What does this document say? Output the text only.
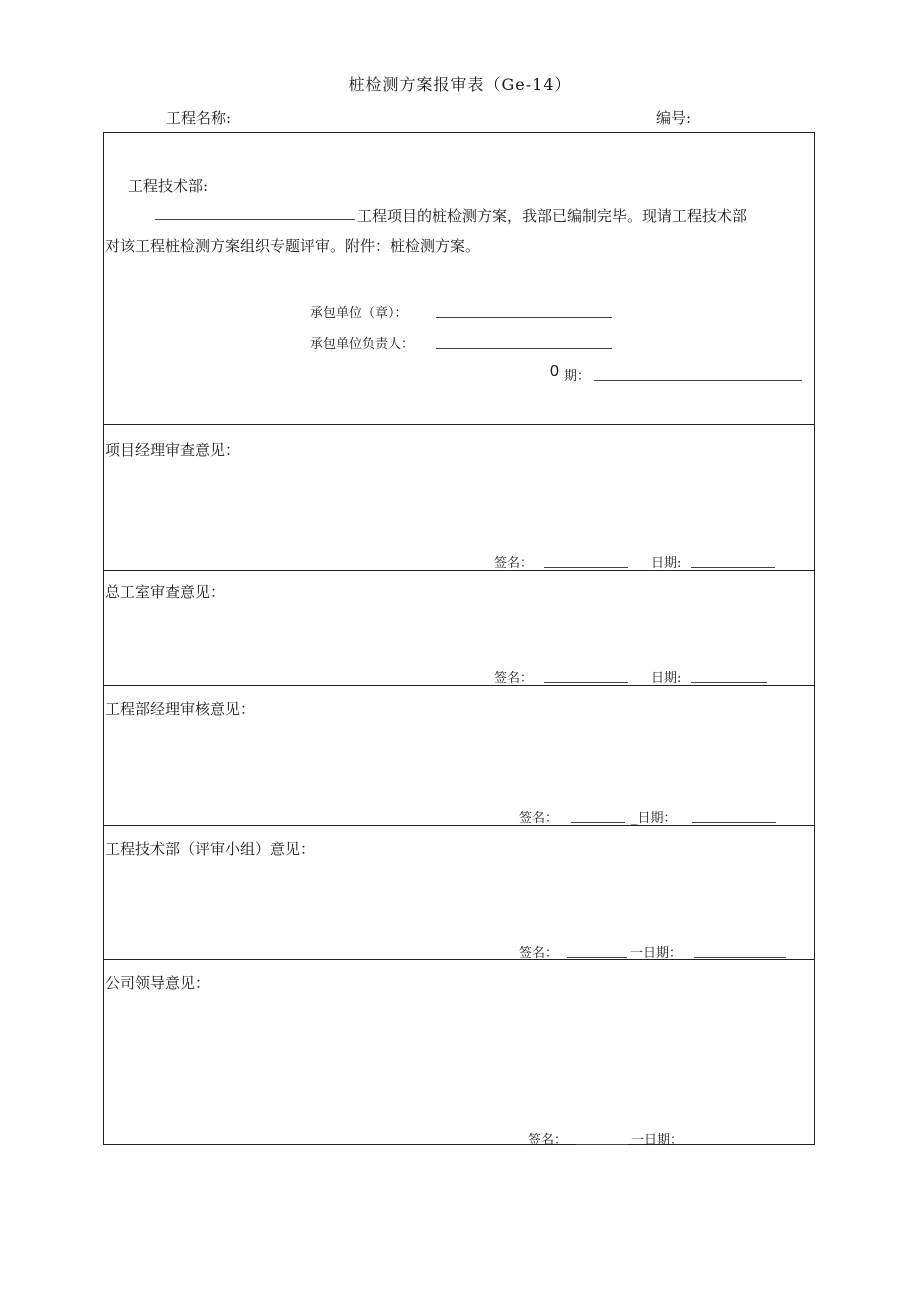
桩检测方案报审表（Ge-14）
工程名称:	编号:
工程技术部:
工程项目的桩检测方案，我部已编制完毕。现请工程技术部
对该工程桩检测方案组织专题评审。附件：桩检测方案。
承包单位（章）：
承包单位负责人：
0 期：
项目经理审查意见：
签名：	日期:
总工室审查意见：
签名：	日期:
工程部经理审核意见：
签名：	_日期：
工程技术部（评审小组）意见：
签名：	一日期：
公司领导意见：
签名：	一日期：
